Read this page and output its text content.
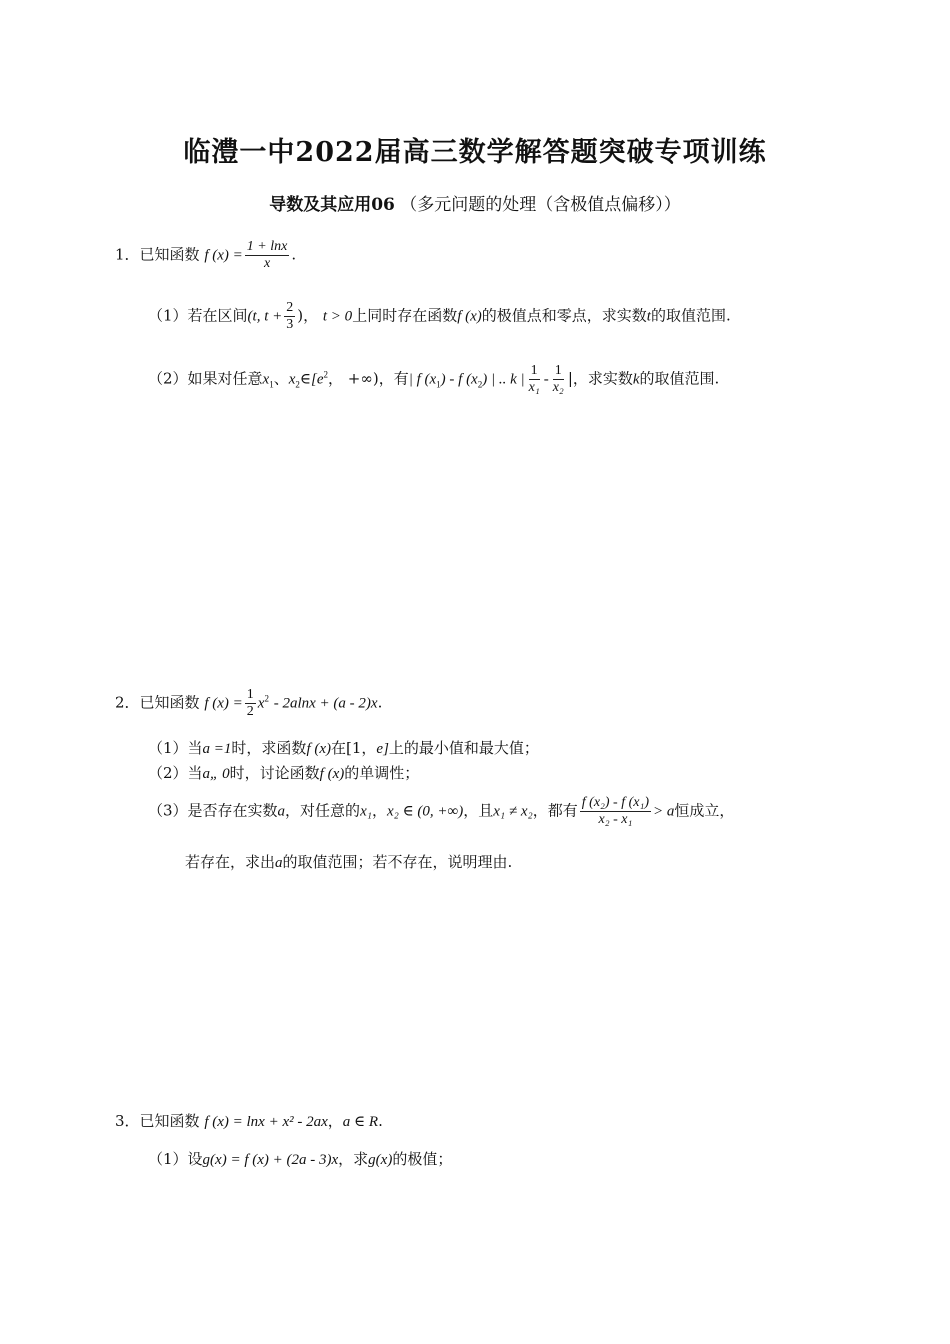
临澧一中2022届高三数学解答题突破专项训练
导数及其应用06 （多元问题的处理（含极值点偏移））
1．已知函数 f $(x) = \frac{1 + \ln x}{x}$ .
（1）若在区间(t, $t + \frac{2}{3}$ )， t > 0上同时存在函数f (x)的极值点和零点，求实数t的取值范围.
（2）如果对任意$x_1$、$x_2\in[e^2$， +∞)，有| f $(x_1)$ - f $(x_2)$ | .. k | $\frac{1}{\text{x₁}} - \frac{1}{\text{x₂}}$ |，求实数k的取值范围.
2．已知函数 f $(x) = \frac{1}{2} x^2 - 2alnx + (a - 2)x$.
（1）当a =1时，求函数f (x)在[1，e]上的最小值和最大值；
（2）当a„ 0时，讨论函数f (x)的单调性；
（3）是否存在实数a，对任意的x₁，x₂ ∈ (0, +∞)，且x₁ ≠ x₂，都有 $\frac{\text{f (x₂) - f (x₁)}}{\text{x₂ - x₁}} > a$恒成立，
若存在，求出a的取值范围；若不存在，说明理由.
3．已知函数 f (x) = lnx + x² - 2ax，a ∈ R.
（1）设g(x) = f (x) + (2a - 3)x，求g(x)的极值；
